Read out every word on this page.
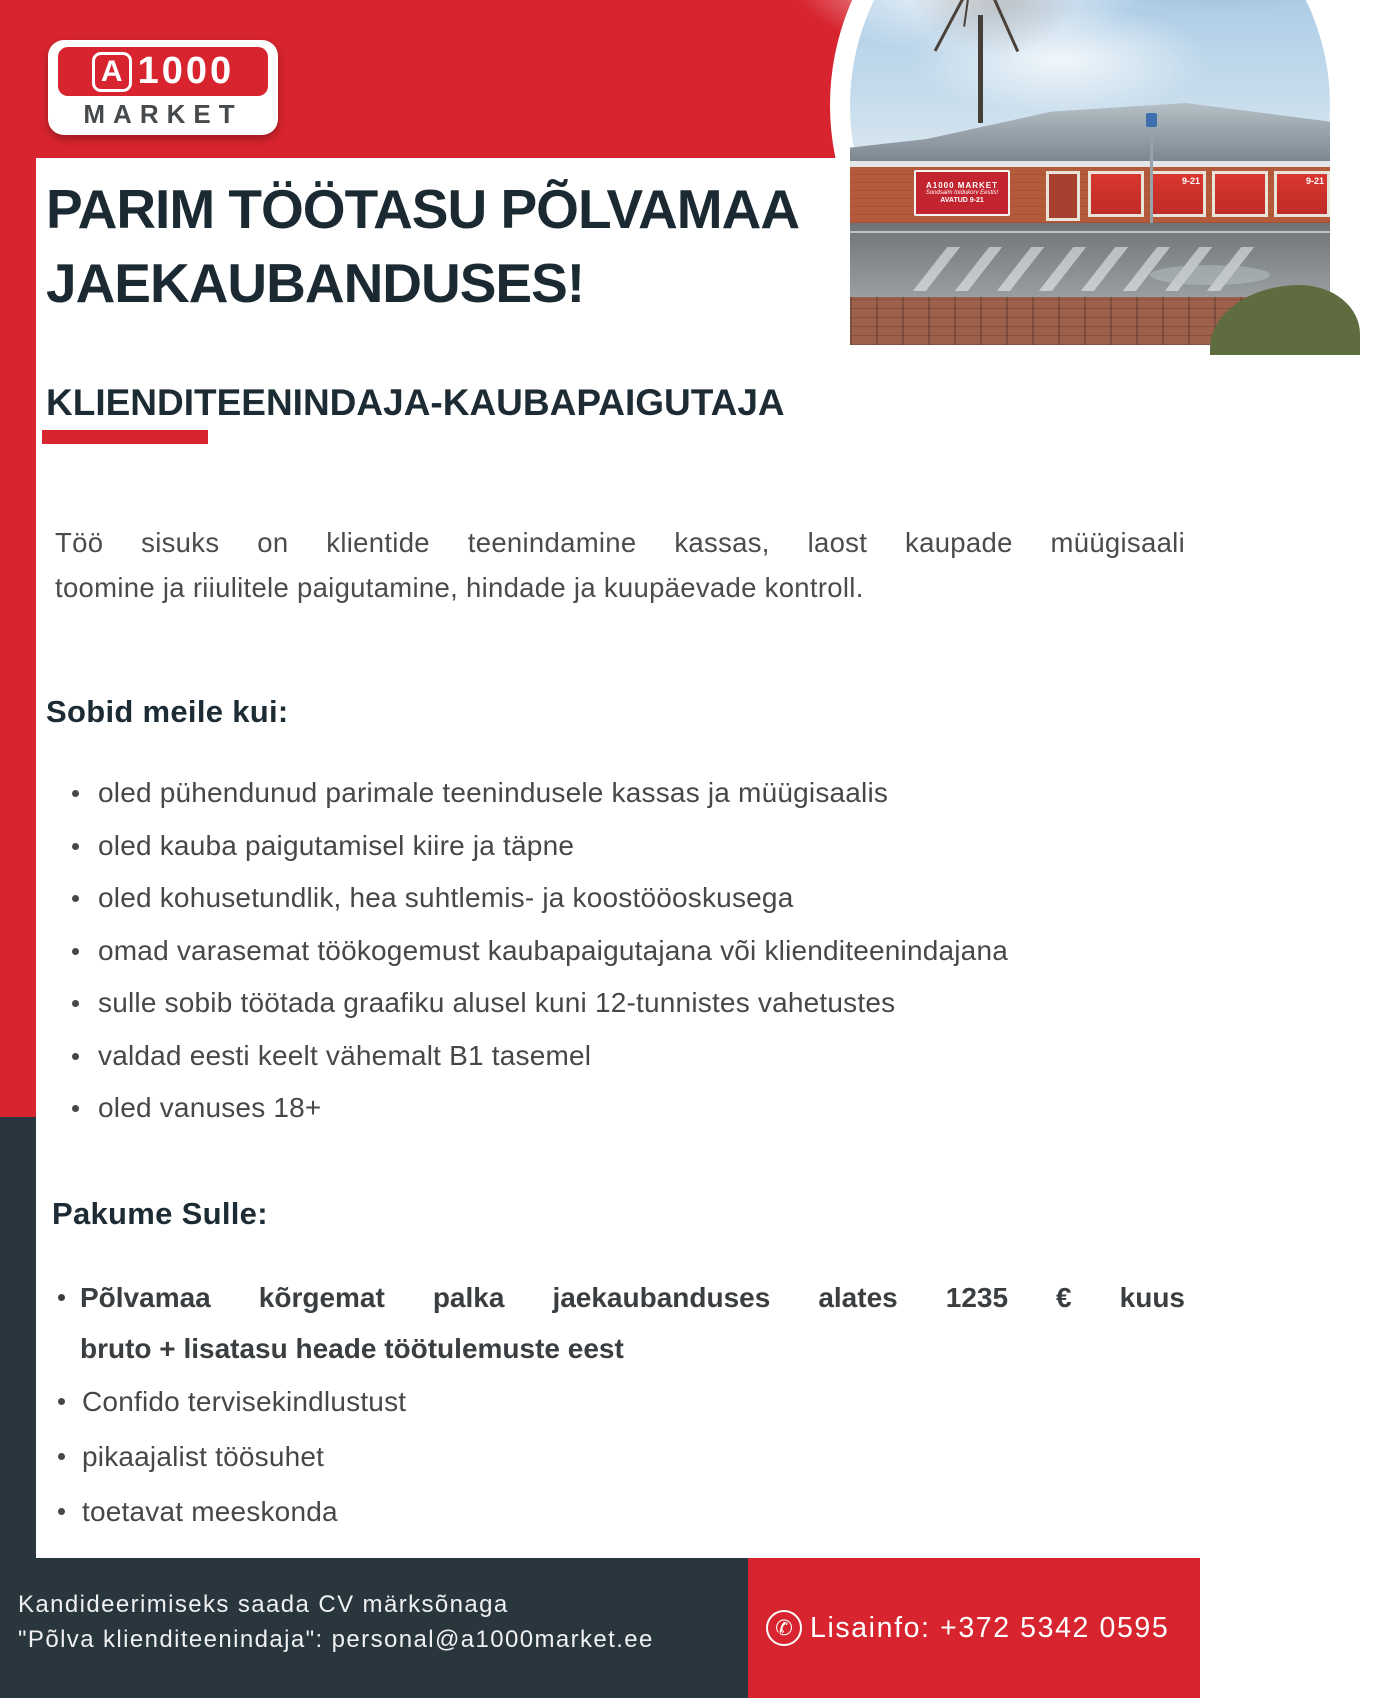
A1000 MARKET
Soodsaim toidukorv Eestis!
AVATUD 9-21
9-21	9-21
A 1000
MARKET
PARIM TÖÖTASU PÕLVAMAA
JAEKAUBANDUSES!
KLIENDITEENINDAJA-KAUBAPAIGUTAJA
Töö sisuks on klientide teenindamine kassas, laost kaupade müügisaali
toomine ja riiulitele paigutamine, hindade ja kuupäevade kontroll.
Sobid meile kui:
oled pühendunud parimale teenindusele kassas ja müügisaalis
oled kauba paigutamisel kiire ja täpne
oled kohusetundlik, hea suhtlemis- ja koostööoskusega
omad varasemat töökogemust kaubapaigutajana või klienditeenindajana
sulle sobib töötada graafiku alusel kuni 12-tunnistes vahetustes
valdad eesti keelt vähemalt B1 tasemel
oled vanuses 18+
Pakume Sulle:
Põlvamaa kõrgemat palka jaekaubanduses alates 1235 € kuus
bruto + lisatasu heade töötulemuste eest
Confido tervisekindlustust
pikaajalist töösuhet
toetavat meeskonda
Kandideerimiseks saada CV märksõnaga
"Põlva klienditeenindaja": personal@a1000market.ee	✆ Lisainfo: +372 5342 0595
